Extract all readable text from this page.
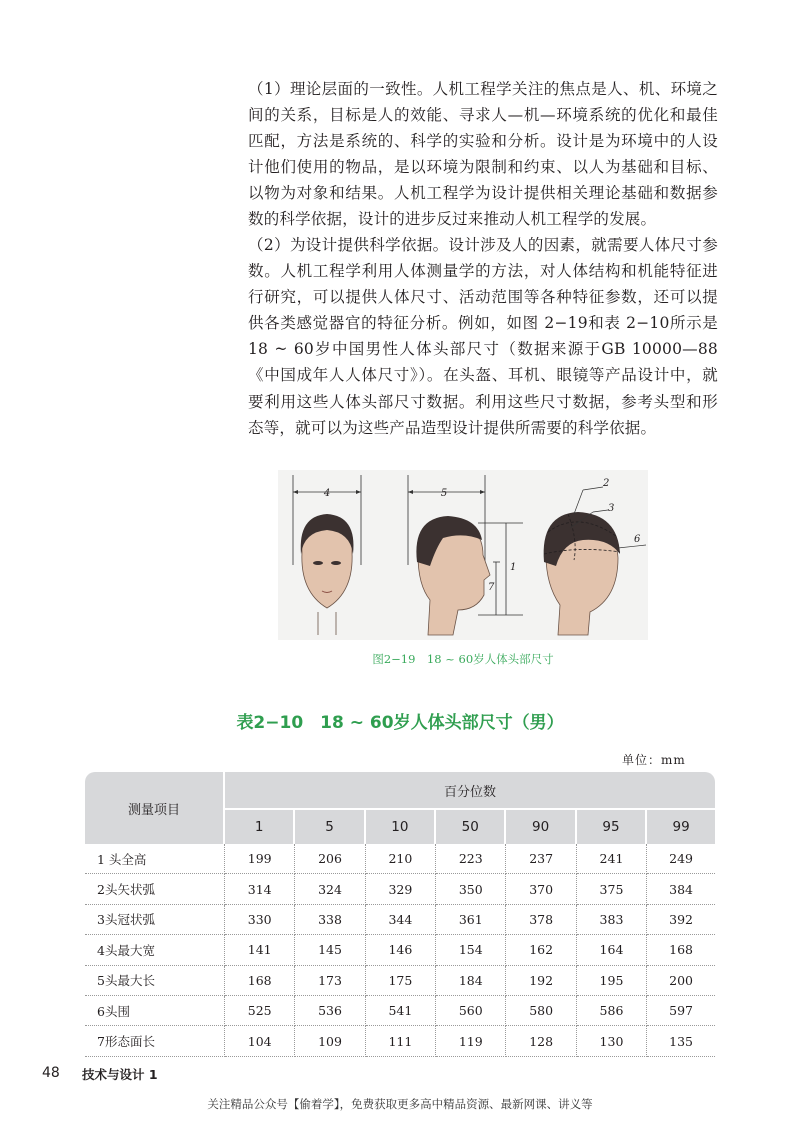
（1）理论层面的一致性。人机工程学关注的焦点是人、机、环境之间的关系，目标是人的效能、寻求人—机—环境系统的优化和最佳匹配，方法是系统的、科学的实验和分析。设计是为环境中的人设计他们使用的物品，是以环境为限制和约束、以人为基础和目标、以物为对象和结果。人机工程学为设计提供相关理论基础和数据参数的科学依据，设计的进步反过来推动人机工程学的发展。

（2）为设计提供科学依据。设计涉及人的因素，就需要人体尺寸参数。人机工程学利用人体测量学的方法，对人体结构和机能特征进行研究，可以提供人体尺寸、活动范围等各种特征参数，还可以提供各类感觉器官的特征分析。例如，如图 2−19和表 2−10所示是18 ~ 60岁中国男性人体头部尺寸（数据来源于GB 10000—88《中国成年人人体尺寸》）。在头盔、耳机、眼镜等产品设计中，就要利用这些人体头部尺寸数据。利用这些尺寸数据，参考头型和形态等，就可以为这些产品造型设计提供所需要的科学依据。

4	5
1
7
2
3
6
图2−19　18 ~ 60岁人体头部尺寸
表2−10　18 ~ 60岁人体头部尺寸（男）
单位：mm
测量项目	百分位数						
	1	5	10	50	90	95	99
1 头全高	199	206	210	223	237	241	249
2头矢状弧	314	324	329	350	370	375	384
3头冠状弧	330	338	344	361	378	383	392
4头最大宽	141	145	146	154	162	164	168
5头最大长	168	173	175	184	192	195	200
6头围	525	536	541	560	580	586	597
7形态面长	104	109	111	119	128	130	135
48 技术与设计 1
关注精品公众号【偷着学】，免费获取更多高中精品资源、最新网课、讲义等
